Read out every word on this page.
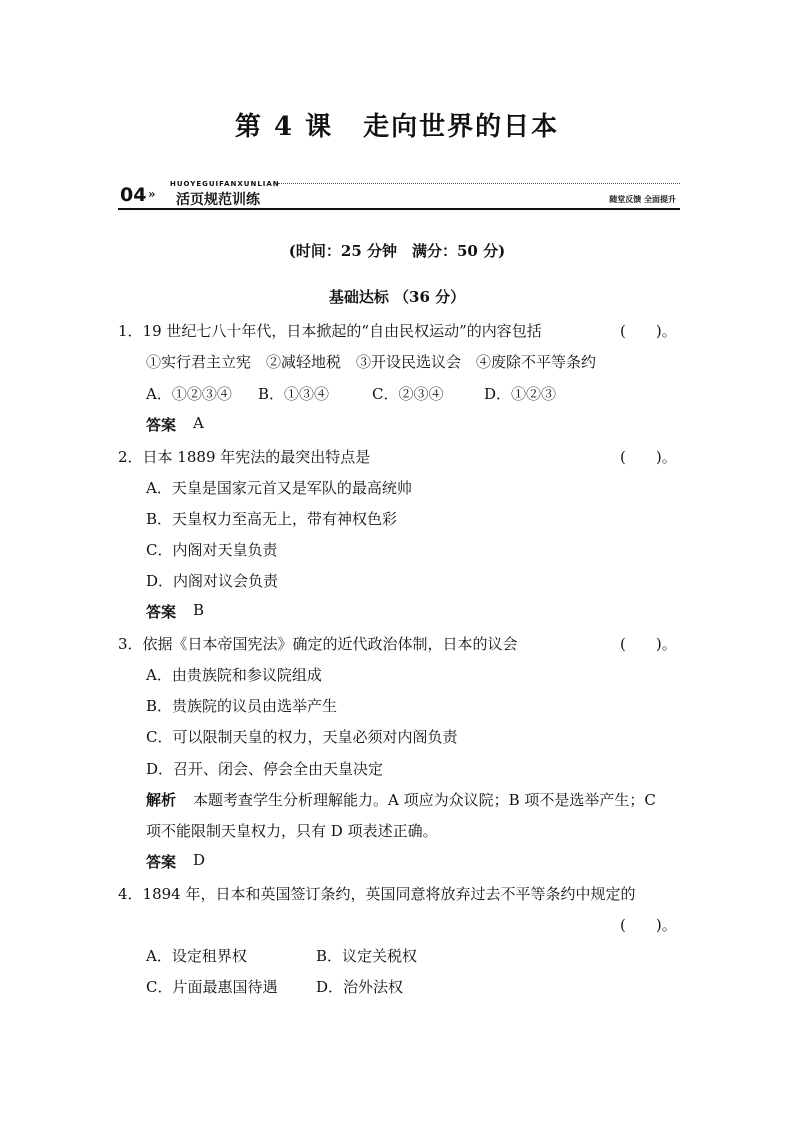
第 4 课 走向世界的日本
HUOYEGUIFANXUNLIAN
04 » 活页规范训练	随堂反馈 全面提升
(时间：25 分钟　满分：50 分)
基础达标 （36 分）
1．19 世纪七八十年代，日本掀起的“自由民权运动”的内容包括	(　　)。
①实行君主立宪　②减轻地税　③开设民选议会　④废除不平等条约
A．①②③④ B．①③④	C．②③④	D．①②③
答案 A
2．日本 1889 年宪法的最突出特点是	(　　)。
A．天皇是国家元首又是军队的最高统帅
B．天皇权力至高无上，带有神权色彩
C．内阁对天皇负责
D．内阁对议会负责
答案 B
3．依据《日本帝国宪法》确定的近代政治体制，日本的议会	(　　)。
A．由贵族院和参议院组成
B．贵族院的议员由选举产生
C．可以限制天皇的权力，天皇必须对内阁负责
D．召开、闭会、停会全由天皇决定
解析 本题考查学生分析理解能力。A 项应为众议院；B 项不是选举产生；C
项不能限制天皇权力，只有 D 项表述正确。
答案 D
4．1894 年，日本和英国签订条约，英国同意将放弃过去不平等条约中规定的
(　　)。
A．设定租界权	B．议定关税权
C．片面最惠国待遇	D．治外法权
